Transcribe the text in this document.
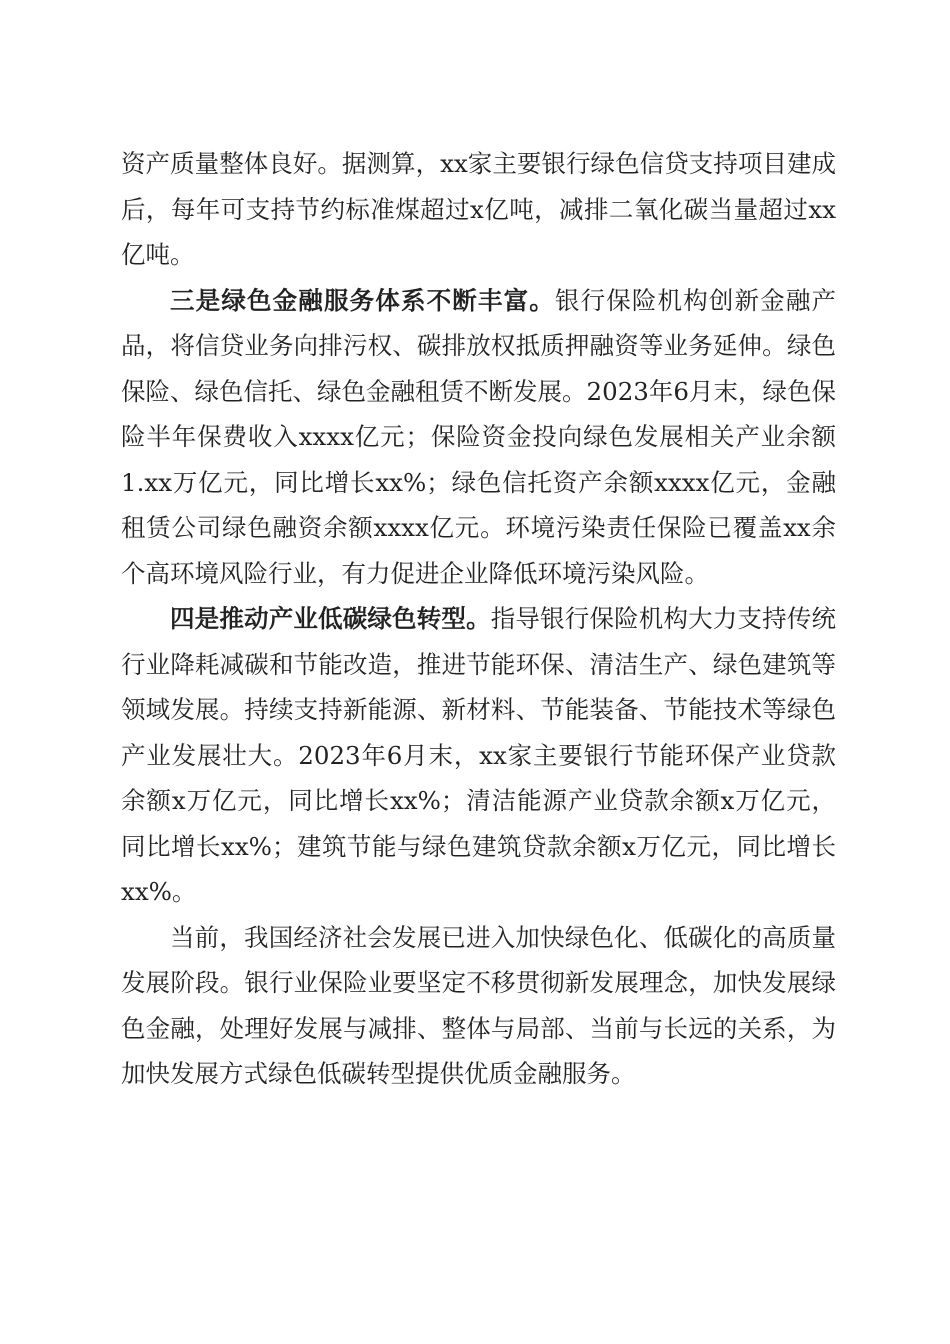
资产质量整体良好。据测算，xx家主要银行绿色信贷支持项目建成后，每年可支持节约标准煤超过x亿吨，减排二氧化碳当量超过xx亿吨。

三是绿色金融服务体系不断丰富。银行保险机构创新金融产品，将信贷业务向排污权、碳排放权抵质押融资等业务延伸。绿色保险、绿色信托、绿色金融租赁不断发展。2023年6月末，绿色保险半年保费收入xxxx亿元；保险资金投向绿色发展相关产业余额1.xx万亿元，同比增长xx%；绿色信托资产余额xxxx亿元，金融租赁公司绿色融资余额xxxx亿元。环境污染责任保险已覆盖xx余个高环境风险行业，有力促进企业降低环境污染风险。

四是推动产业低碳绿色转型。指导银行保险机构大力支持传统行业降耗减碳和节能改造，推进节能环保、清洁生产、绿色建筑等领域发展。持续支持新能源、新材料、节能装备、节能技术等绿色产业发展壮大。2023年6月末，xx家主要银行节能环保产业贷款余额x万亿元，同比增长xx%；清洁能源产业贷款余额x万亿元，同比增长xx%；建筑节能与绿色建筑贷款余额x万亿元，同比增长xx%。

当前，我国经济社会发展已进入加快绿色化、低碳化的高质量发展阶段。银行业保险业要坚定不移贯彻新发展理念，加快发展绿色金融，处理好发展与减排、整体与局部、当前与长远的关系，为加快发展方式绿色低碳转型提供优质金融服务。
